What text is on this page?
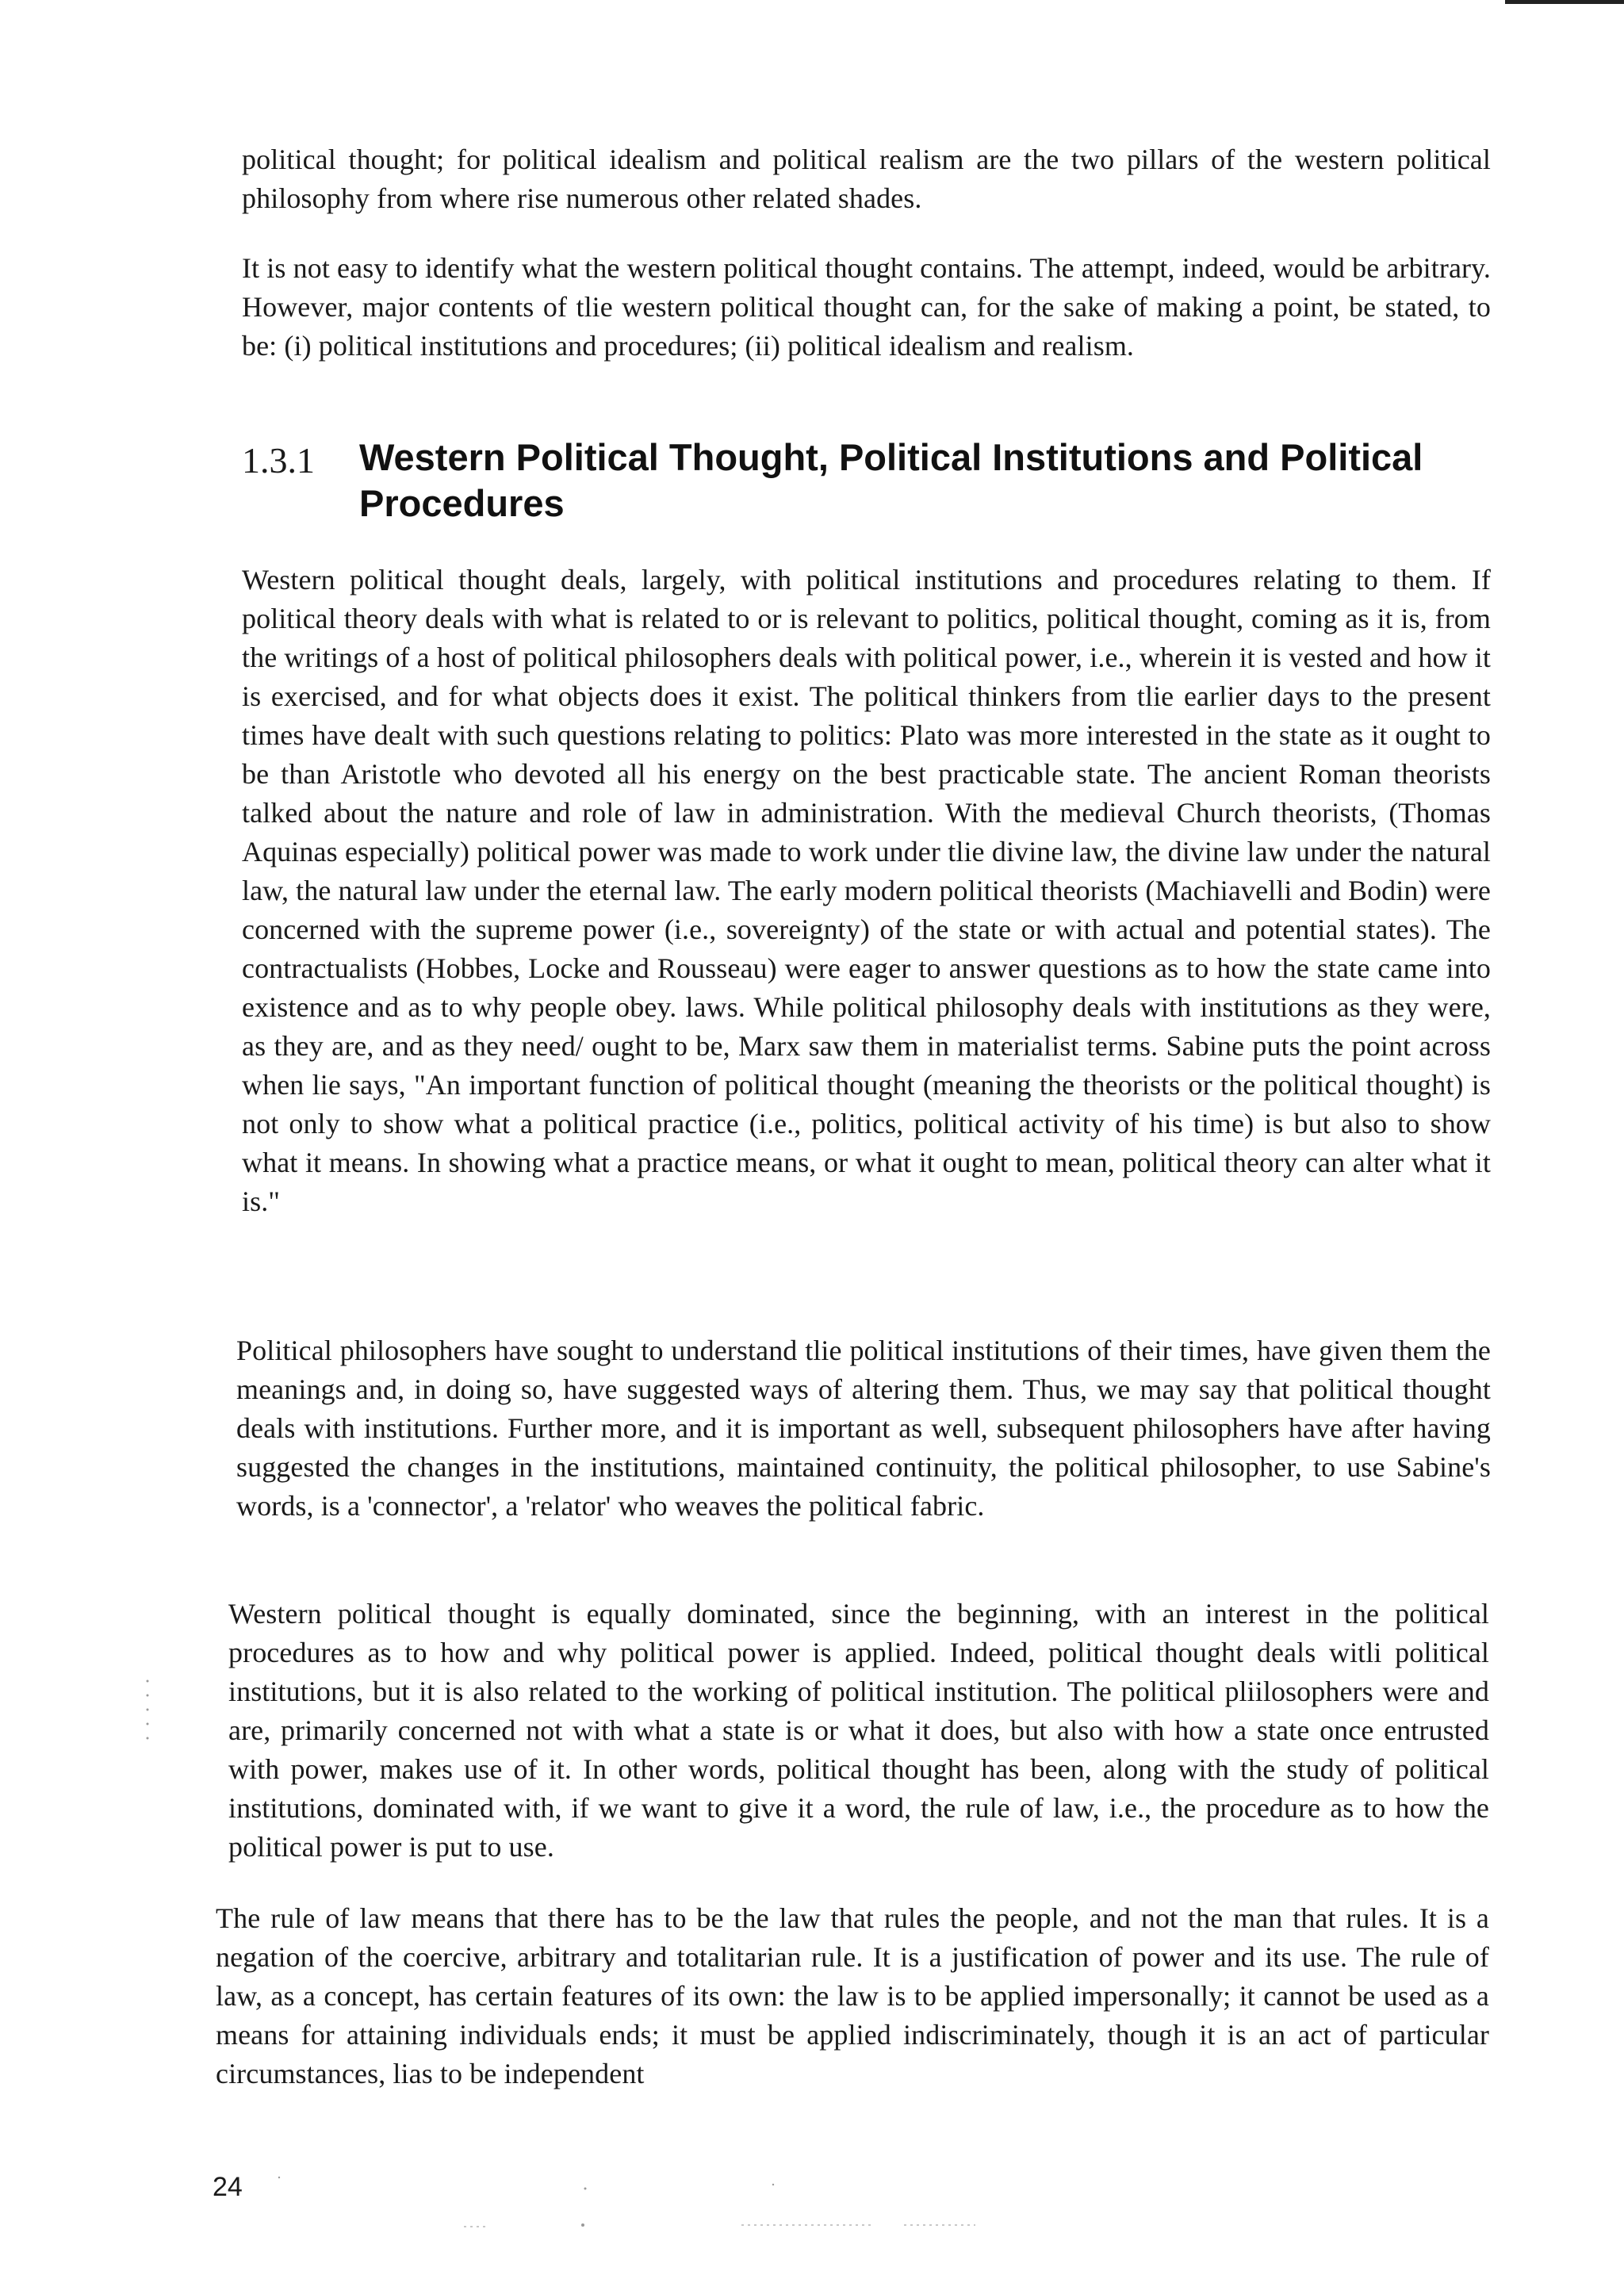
political thought; for political idealism and political realism are the two pillars of the western political philosophy from where rise numerous other related shades.

It is not easy to identify what the western political thought contains. The attempt, indeed, would be arbitrary. However, major contents of tlie western political thought can, for the sake of making a point, be stated, to be: (i) political institutions and procedures; (ii) political idealism and realism.

1.3.1 Western Political Thought, Political Institutions and Political Procedures

Western political thought deals, largely, with political institutions and procedures relating to them. If political theory deals with what is related to or is relevant to politics, political thought, coming as it is, from the writings of a host of political philosophers deals with political power, i.e., wherein it is vested and how it is exercised, and for what objects does it exist. The political thinkers from tlie earlier days to the present times have dealt with such questions relating to politics: Plato was more interested in the state as it ought to be than Aristotle who devoted all his energy on the best practicable state. The ancient Roman theorists talked about the nature and role of law in administration. With the medieval Church theorists, (Thomas Aquinas especially) political power was made to work under tlie divine law, the divine law under the natural law, the natural law under the eternal law. The early modern political theorists (Machiavelli and Bodin) were concerned with the supreme power (i.e., sovereignty) of the state or with actual and potential states). The contractualists (Hobbes, Locke and Rousseau) were eager to answer questions as to how the state came into existence and as to why people obey. laws. While political philosophy deals with institutions as they were, as they are, and as they need/ ought to be, Marx saw them in materialist terms. Sabine puts the point across when lie says, "An important function of political thought (meaning the theorists or the political thought) is not only to show what a political practice (i.e., politics, political activity of his time) is but also to show what it means. In showing what a practice means, or what it ought to mean, political theory can alter what it is."

Political philosophers have sought to understand tlie political institutions of their times, have given them the meanings and, in doing so, have suggested ways of altering them. Thus, we may say that political thought deals with institutions. Further more, and it is important as well, subsequent philosophers have after having suggested the changes in the institutions, maintained continuity, the political philosopher, to use Sabine's words, is a 'connector', a 'relator' who weaves the political fabric.

Western political thought is equally dominated, since the beginning, with an interest in the political procedures as to how and why political power is applied. Indeed, political thought deals witli political institutions, but it is also related to the working of political institution. The political pliilosophers were and are, primarily concerned not with what a state is or what it does, but also with how a state once entrusted with power, makes use of it. In other words, political thought has been, along with the study of political institutions, dominated with, if we want to give it a word, the rule of law, i.e., the procedure as to how the political power is put to use.

The rule of law means that there has to be the law that rules the people, and not the man that rules. It is a negation of the coercive, arbitrary and totalitarian rule. It is a justification of power and its use. The rule of law, as a concept, has certain features of its own: the law is to be applied impersonally; it cannot be used as a means for attaining individuals ends; it must be applied indiscriminately, though it is an act of particular circumstances, lias to be independent

24
